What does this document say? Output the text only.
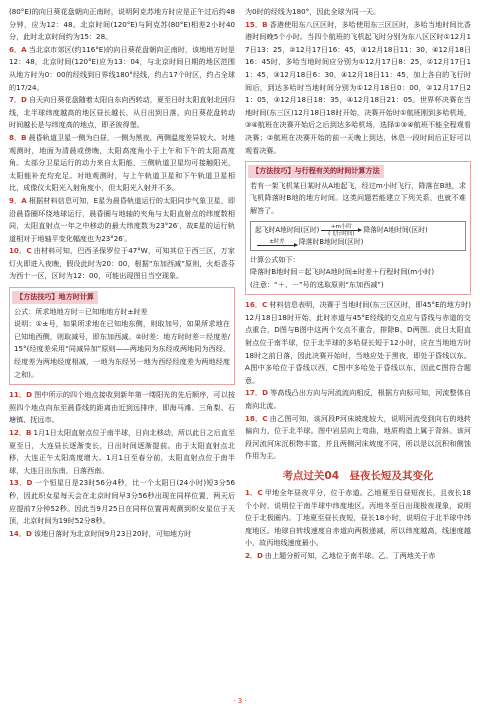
(80°E)的向日葵花盘朝向正南时，说明阿克苏地方时应是正午过后约48分钟，应为12：48。北京时间(120°E)与阿克苏(80°E)相差2小时40分，此时北京时间约为15：28。

6．A 当北京市郊区(约116°E)的向日葵花盘朝向正南时，该地地方时是12：48，北京时间(120°E)应为13：04，与北京时间日期的地区范围从地方时为0：00的经线到日界线180°经线，约占17个时区，约占全球的17/24。

7．D 自天向日葵花盘随着太阳自东向西转动，夏至日时太阳直射北回归线，北半球纬度越高的地区昼长越长，从日出到日落，向日葵花盘转动时间越长是与纬度高的地点，即圣彼得堡。

8．B 晨昏轨道卫星一侧为白昼，一侧为黑夜，两侧温度差异较大。对地观测时，地面为清晨或傍晚，太阳高度角小于上午和下午的太阳高度角。太部分卫星运行的动力来自太阳能，三侧轨道卫星均可接触阳光，太阳能补充均充足。对地观测时，与上午轨道卫星和下午轨道卫星相比，成像仪太阳光入射角度小，但太阳光入射并不多。

9．A 根据材料信息可知，E星为晨昏轨道运行的太阳同步气象卫星，即沿晨昏圈环绕地球运行，晨昏圈与地轴的夹角与太阳直射点的纬度数相同，太阳直射点一年之中移动的最大纬度数为23°26′，故E星的运行轨道相对于地轴平变化幅度也为23°26′。

10．C 由材料可知，巴西圣保罗位于47°W，可知其位于西三区，万家灯火即进入夜晚，假设此时为20：00，根据“东加西减”原则，火炬香芬为西十一区，区时为12：00，可能出现图日当空现象。

【方法技巧】地方时计算

公式：所求地地方时＝已知地地方时±时差

说明：①±号，如果所求地在已知地东侧，则取加号，如果所求地在已知地西侧，则取减号，即东加西减。②时差：地方时时差＝经度差/15°(经度差采用“同减异加”原则——两地同为东经或两地同为西经，经度差为两地经度相减，一地为东经另一地为西经经度差为两地经度之和)。

11．D 图中所示的四个地点接收到新年第一缕阳光的先后顺序，可以按照四个地点向东至晨昏线的距离由近到远排序，即海马滩、三角梨、石塘镇、抚远市。

12．B 1月1日太阳直射点位于南半球，日向北移动，所以此日之后直至夏至日，大连昼长逐渐变长，日出时间逐渐提前。由于太阳直射点北移，大连正午太阳高度增大。1月1日至春分前，太阳直射点位于南半球，大连日出东南，日落西南。

13．D 一个恒星日是23时56分4秒，比一个太阳日(24小时)短3分56秒，因此织女星每天会在北京时间早3分56秒出现在同样位置，两天后应提前7分钟52秒。因此当9月25日在同样位置再观测到织女星位于天顶，北京时间为19时52分8秒。

14．D 该地日落时为北京时间9月23日20时，可知地方时

为0时的经线为180°，因此全球为同一天。

15．B 香港使用东八区区时，多哈使用东三区区时，多哈当地时间比香港时间晚5个小时。当四个航班的飞机起飞时分别为东八区区时①12月17日13：25，②12月17日16：45，③12月18日11：30，④12月18日16：45时，多哈当地时间应分别为①12月17日8：25，②12月17日11：45，③12月18日6：30，④12月18日11：45，加上各自的飞行时间后，到达多哈时当地时间分别为①12月18日0：00，②12月17日21：05，③12月18日18：35，④12月18日21：05。世界杯决赛在当地时间(东三区)12月18日18时开始，决赛开始时①航班刚到多哈机场，③④航班在决赛开始后之后到达多哈机场，选择①③④航班不能全程观看决赛；②航班在决赛开始的前一天晚上到达，休息一段时间后正好可以观看决赛。

【方法技巧】与行程有关的时间计算方法

若有一架飞机某日某时从A地起飞，经过m小时飞行，降落在B地，求飞机降落时B地的地方时间。这类问题若能建立下列关系，也就不难解答了。

起飞时A地时间(区时) +m小时
(飞行时间) 降落时A地时间(区时)
±时差 降落时B地时间(区时)

计算公式如下：

降落时B地时间＝起飞时A地时间±时差＋行程时间(m小时)

(注意：“＋、－”号的选取原则“东加西减”)

16．C 材料信息表明，决赛于当地时间(东三区区时，即45°E的地方时)12月18日18时开始，此时赤道与45°E经线的交点应与昏线与赤道的交点重合，D图与B图中这两个交点不重合，排除B、D两图。此日太阳直射点位于南半球，位于北半球的多哈昼长短于12小时，应在当地地方时18时之前日落，因此决赛开始时，当地应处于黑夜，即处于昏线以东。A图中多哈位于昏线以西，C图中多哈处于昏线以东，因此C图符合题意。

17．D 等高线凸出方向与河流流向相反，根据方向标可知，河流整体自南向北流。

18．C 由乙图可知，该河段P河床坡度较大，说明河流受到向右的地转偏向力，位于北半球。图中岩层向上弯曲，地质构造上属于背斜。该河段河流河床沉积物丰富，并且两侧河床坡度不同，所以是以沉积和侧蚀作用为主。

考点过关04　昼夜长短及其变化

1．C 甲地全年昼夜平分，位于赤道。乙地夏至日昼短夜长，且夜长18个小时，说明位于南半球中纬度地区。丙地冬至日出现极夜现象，说明位于北极圈内。丁地夏至昼长夜短，昼长18小时，说明位于北半球中纬度地区。地球自转线速度自赤道向两极递减，所以纬度越高，线速度越小，故丙地线速度最小。

2．D 由上题分析可知，乙地位于南半球。乙、丁两地关于赤

· 3 ·
